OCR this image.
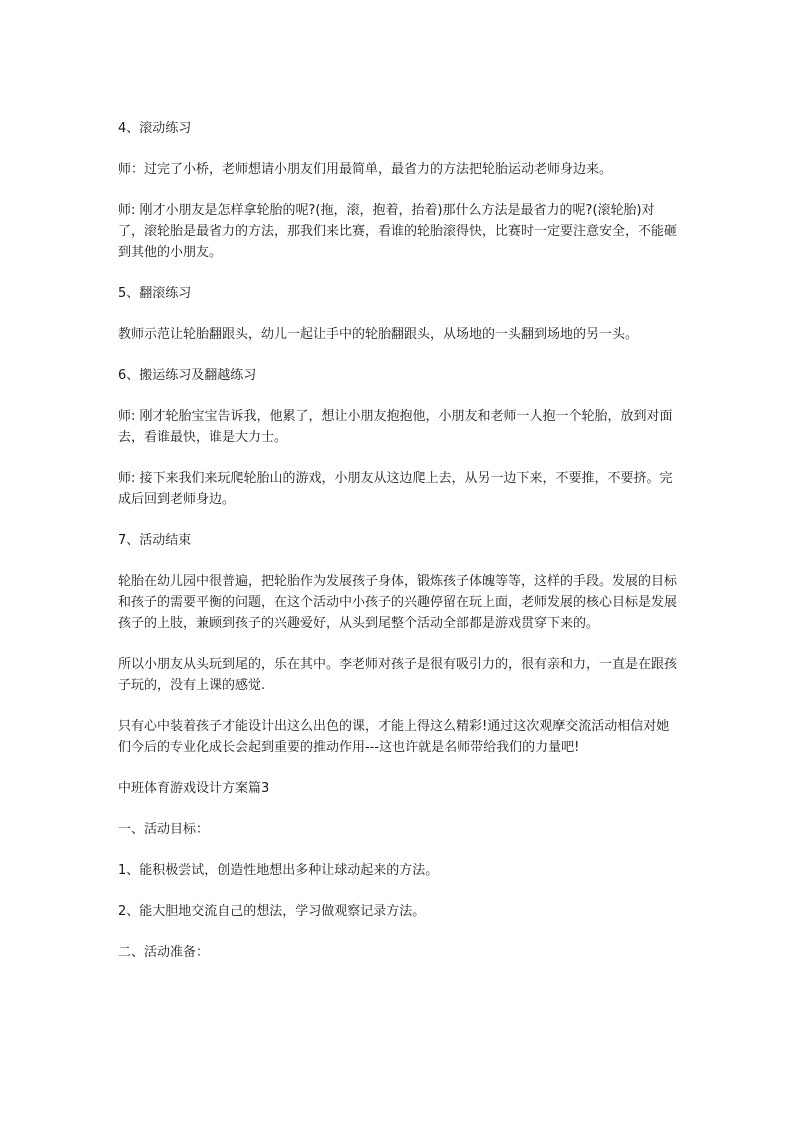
4、滚动练习

师：过完了小桥，老师想请小朋友们用最简单，最省力的方法把轮胎运动老师身边来。

师: 刚才小朋友是怎样拿轮胎的呢?(拖，滚，抱着，抬着)那什么方法是最省力的呢?(滚轮胎)对了，滚轮胎是最省力的方法，那我们来比赛，看谁的轮胎滚得快，比赛时一定要注意安全，不能砸到其他的小朋友。

5、翻滚练习

教师示范让轮胎翻跟头，幼儿一起让手中的轮胎翻跟头，从场地的一头翻到场地的另一头。

6、搬运练习及翻越练习

师: 刚才轮胎宝宝告诉我，他累了，想让小朋友抱抱他，小朋友和老师一人抱一个轮胎，放到对面去，看谁最快，谁是大力士。

师: 接下来我们来玩爬轮胎山的游戏，小朋友从这边爬上去，从另一边下来，不要推，不要挤。完成后回到老师身边。

7、活动结束

轮胎在幼儿园中很普遍，把轮胎作为发展孩子身体，锻炼孩子体魄等等，这样的手段。发展的目标和孩子的需要平衡的问题，在这个活动中小孩子的兴趣停留在玩上面，老师发展的核心目标是发展孩子的上肢，兼顾到孩子的兴趣爱好，从头到尾整个活动全部都是游戏贯穿下来的。

所以小朋友从头玩到尾的，乐在其中。李老师对孩子是很有吸引力的，很有亲和力，一直是在跟孩子玩的，没有上课的感觉.

只有心中装着孩子才能设计出这么出色的课，才能上得这么精彩!通过这次观摩交流活动相信对她们今后的专业化成长会起到重要的推动作用---这也许就是名师带给我们的力量吧!

中班体育游戏设计方案篇3

一、活动目标：

1、能积极尝试，创造性地想出多种让球动起来的方法。

2、能大胆地交流自己的想法，学习做观察记录方法。

二、活动准备：
